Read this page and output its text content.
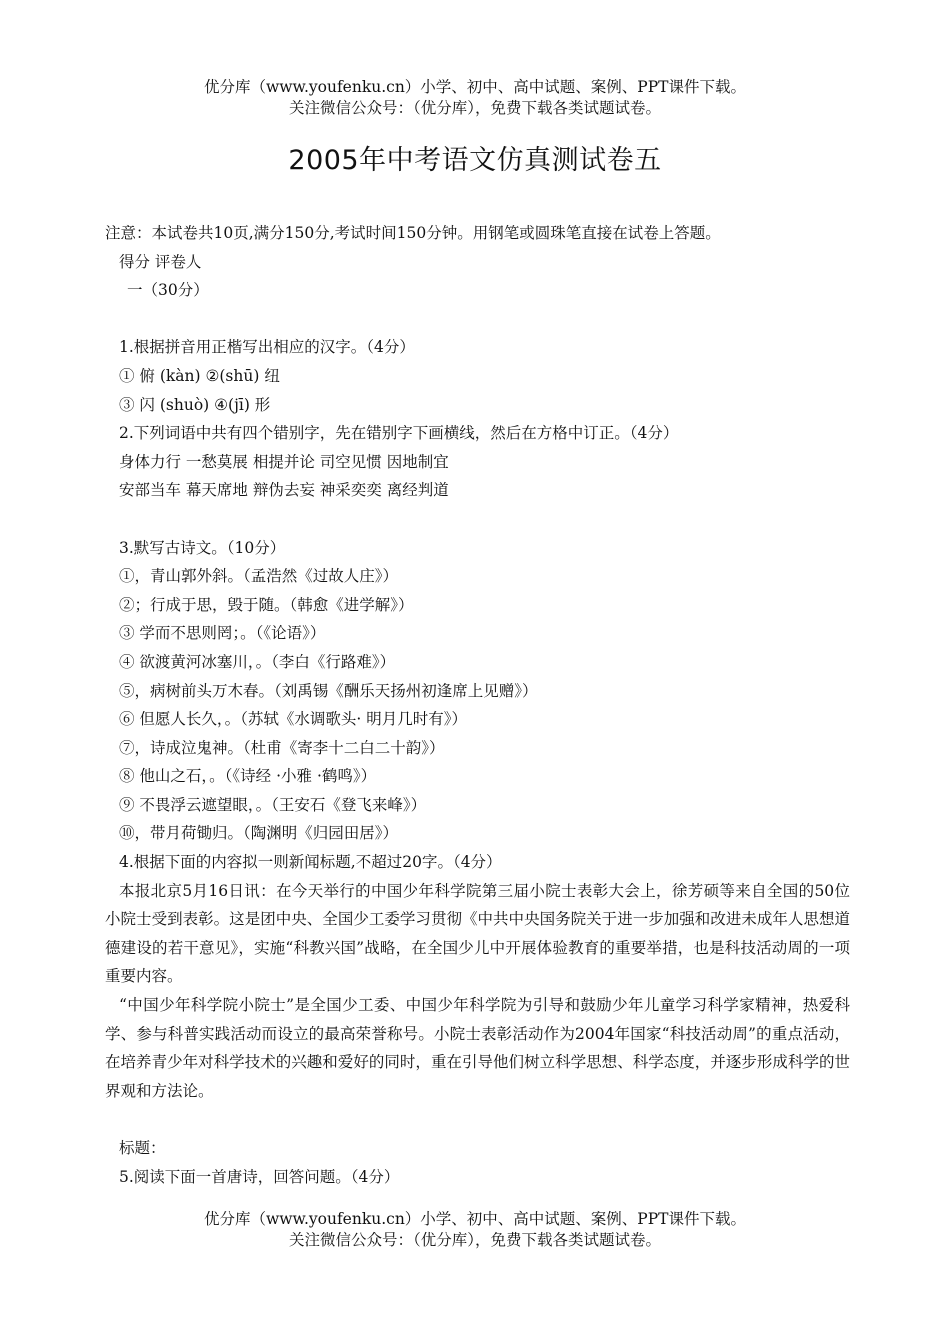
优分库（www.youfenku.cn）小学、初中、高中试题、案例、PPT课件下载。
关注微信公众号：（优分库），免费下载各类试题试卷。
2005年中考语文仿真测试卷五
注意：本试卷共10页,满分150分,考试时间150分钟。用钢笔或圆珠笔直接在试卷上答题。
得分 评卷人
一（30分）
1.根据拼音用正楷写出相应的汉字。（4分）
① 俯 (kàn) ②(shū) 纽
③ 闪 (shuò) ④(jī) 形
2.下列词语中共有四个错别字，先在错别字下画横线，然后在方格中订正。（4分）
身体力行 一愁莫展 相提并论 司空见惯 因地制宜
安部当车 幕天席地 辩伪去妄 神采奕奕 离经判道
3.默写古诗文。（10分）
①，青山郭外斜。（孟浩然《过故人庄》）
②；行成于思，毁于随。（韩愈《进学解》）
③ 学而不思则罔；。（《论语》）
④ 欲渡黄河冰塞川，。（李白《行路难》）
⑤，病树前头万木春。（刘禹锡《酬乐天扬州初逢席上见赠》）
⑥ 但愿人长久，。（苏轼《水调歌头· 明月几时有》）
⑦，诗成泣鬼神。（杜甫《寄李十二白二十韵》）
⑧ 他山之石，。（《诗经 ·小雅 ·鹤鸣》）
⑨ 不畏浮云遮望眼，。（王安石《登飞来峰》）
⑩，带月荷锄归。（陶渊明《归园田居》）
4.根据下面的内容拟一则新闻标题,不超过20字。（4分）
本报北京5月16日讯：在今天举行的中国少年科学院第三届小院士表彰大会上，徐芳硕等来自全国的50位小院士受到表彰。这是团中央、全国少工委学习贯彻《中共中央国务院关于进一步加强和改进未成年人思想道德建设的若干意见》，实施“科教兴国”战略，在全国少儿中开展体验教育的重要举措，也是科技活动周的一项重要内容。
“中国少年科学院小院士”是全国少工委、中国少年科学院为引导和鼓励少年儿童学习科学家精神，热爱科学、参与科普实践活动而设立的最高荣誉称号。小院士表彰活动作为2004年国家“科技活动周”的重点活动，在培养青少年对科学技术的兴趣和爱好的同时，重在引导他们树立科学思想、科学态度，并逐步形成科学的世界观和方法论。
标题：
5.阅读下面一首唐诗，回答问题。（4分）
优分库（www.youfenku.cn）小学、初中、高中试题、案例、PPT课件下载。
关注微信公众号：（优分库），免费下载各类试题试卷。
